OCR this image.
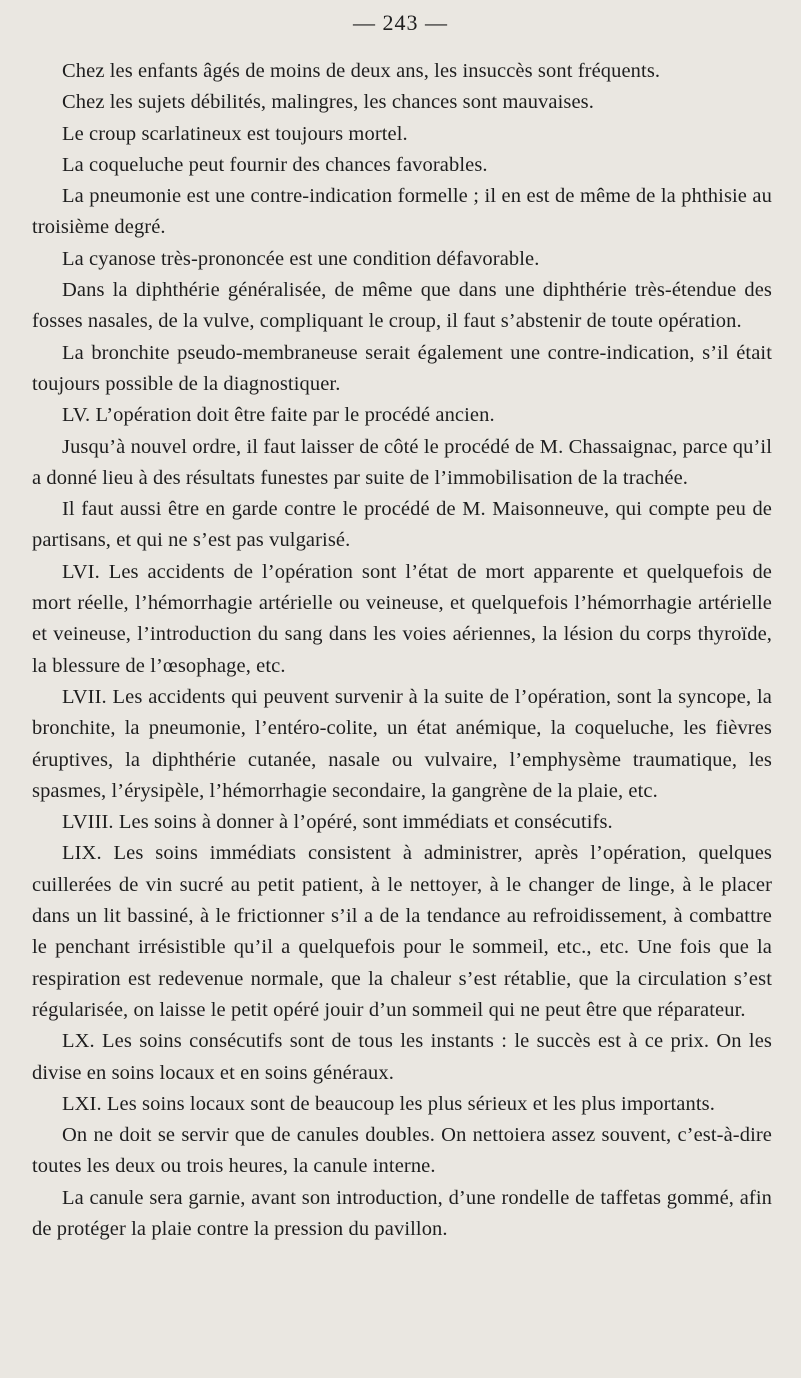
— 243 —

Chez les enfants âgés de moins de deux ans, les insuccès sont fréquents.

Chez les sujets débilités, malingres, les chances sont mauvaises.

Le croup scarlatineux est toujours mortel.

La coqueluche peut fournir des chances favorables.

La pneumonie est une contre-indication formelle ; il en est de même de la phthisie au troisième degré.

La cyanose très-prononcée est une condition défavorable.

Dans la diphthérie généralisée, de même que dans une diphthérie très-étendue des fosses nasales, de la vulve, compliquant le croup, il faut s’abstenir de toute opération.

La bronchite pseudo-membraneuse serait également une contre-indication, s’il était toujours possible de la diagnostiquer.

LV. L’opération doit être faite par le procédé ancien.

Jusqu’à nouvel ordre, il faut laisser de côté le procédé de M. Chassaignac, parce qu’il a donné lieu à des résultats funestes par suite de l’immobilisation de la trachée.

Il faut aussi être en garde contre le procédé de M. Maisonneuve, qui compte peu de partisans, et qui ne s’est pas vulgarisé.

LVI. Les accidents de l’opération sont l’état de mort apparente et quelquefois de mort réelle, l’hémorrhagie artérielle ou veineuse, et quelquefois l’hémorrhagie artérielle et veineuse, l’introduction du sang dans les voies aériennes, la lésion du corps thyroïde, la blessure de l’œsophage, etc.

LVII. Les accidents qui peuvent survenir à la suite de l’opération, sont la syncope, la bronchite, la pneumonie, l’entéro-colite, un état anémique, la coqueluche, les fièvres éruptives, la diphthérie cutanée, nasale ou vulvaire, l’emphysème traumatique, les spasmes, l’érysipèle, l’hémorrhagie secondaire, la gangrène de la plaie, etc.

LVIII. Les soins à donner à l’opéré, sont immédiats et consécutifs.

LIX. Les soins immédiats consistent à administrer, après l’opération, quelques cuillerées de vin sucré au petit patient, à le nettoyer, à le changer de linge, à le placer dans un lit bassiné, à le frictionner s’il a de la tendance au refroidissement, à combattre le penchant irrésistible qu’il a quelquefois pour le sommeil, etc., etc. Une fois que la respiration est redevenue normale, que la chaleur s’est rétablie, que la circulation s’est régularisée, on laisse le petit opéré jouir d’un sommeil qui ne peut être que réparateur.

LX. Les soins consécutifs sont de tous les instants : le succès est à ce prix. On les divise en soins locaux et en soins généraux.

LXI. Les soins locaux sont de beaucoup les plus sérieux et les plus importants.

On ne doit se servir que de canules doubles. On nettoiera assez souvent, c’est-à-dire toutes les deux ou trois heures, la canule interne.

La canule sera garnie, avant son introduction, d’une rondelle de taffetas gommé, afin de protéger la plaie contre la pression du pavillon.
